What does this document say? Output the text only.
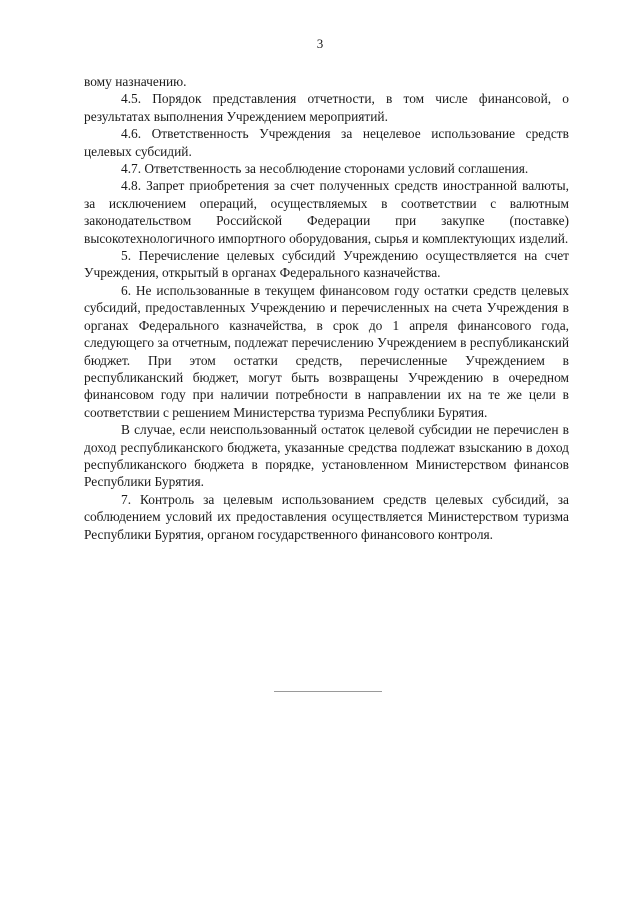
3

вому назначению.

4.5. Порядок представления отчетности, в том числе финансовой, о результатах выполнения Учреждением мероприятий.

4.6. Ответственность Учреждения за нецелевое использование средств целевых субсидий.

4.7. Ответственность за несоблюдение сторонами условий соглашения.

4.8. Запрет приобретения за счет полученных средств иностранной валюты, за исключением операций, осуществляемых в соответствии с валютным законодательством Российской Федерации при закупке (поставке) высокотехнологичного импортного оборудования, сырья и комплектующих изделий.

5. Перечисление целевых субсидий Учреждению осуществляется на счет Учреждения, открытый в органах Федерального казначейства.

6. Не использованные в текущем финансовом году остатки средств целевых субсидий, предоставленных Учреждению и перечисленных на счета Учреждения в органах Федерального казначейства, в срок до 1 апреля финансового года, следующего за отчетным, подлежат перечислению Учреждением в республиканский бюджет. При этом остатки средств, перечисленные Учреждением в республиканский бюджет, могут быть возвращены Учреждению в очередном финансовом году при наличии потребности в направлении их на те же цели в соответствии с решением Министерства туризма Республики Бурятия.

В случае, если неиспользованный остаток целевой субсидии не перечислен в доход республиканского бюджета, указанные средства подлежат взысканию в доход республиканского бюджета в порядке, установленном Министерством финансов Республики Бурятия.

7. Контроль за целевым использованием средств целевых субсидий, за соблюдением условий их предоставления осуществляется Министерством туризма Республики Бурятия, органом государственного финансового контроля.
